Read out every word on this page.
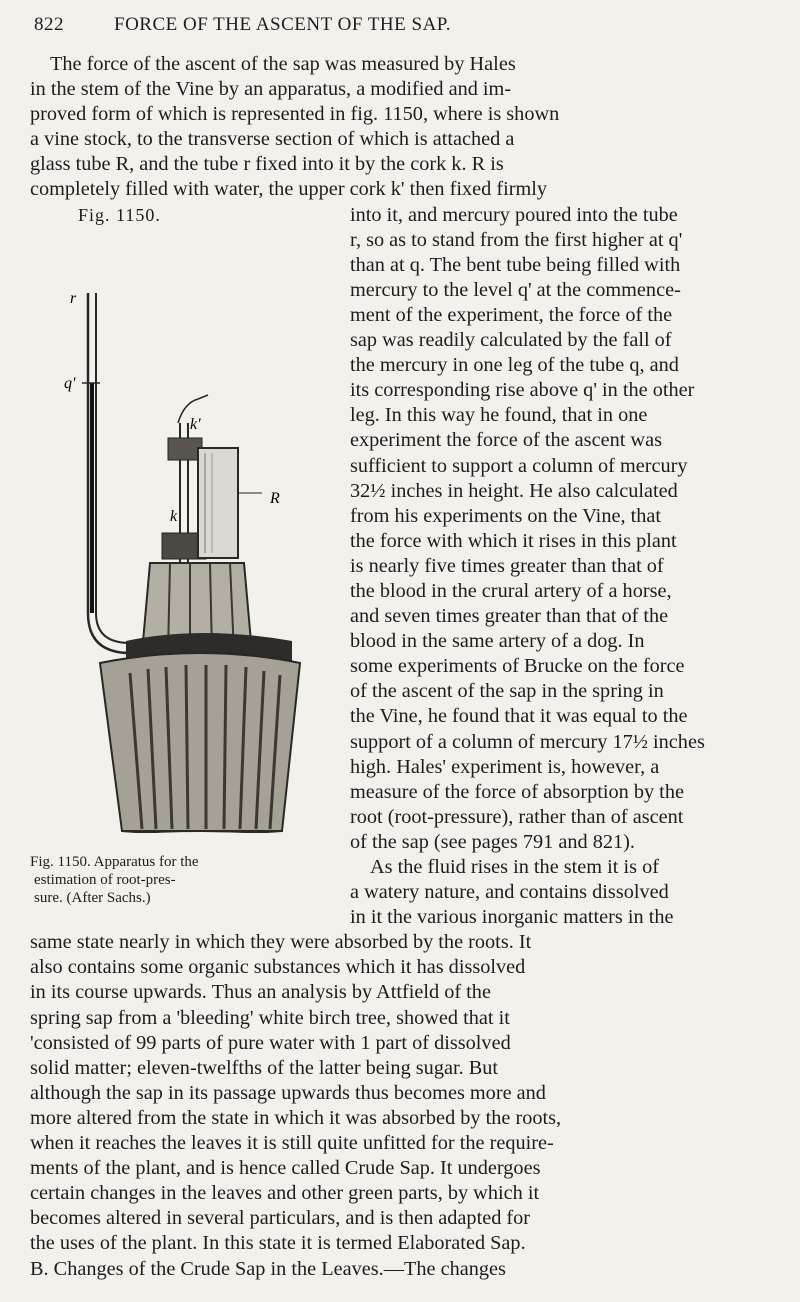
822	FORCE OF THE ASCENT OF THE SAP.
The force of the ascent of the sap was measured by Hales
in the stem of the Vine by an apparatus, a modified and im-
proved form of which is represented in fig. 1150, where is shown
a vine stock, to the transverse section of which is attached a
glass tube R, and the tube r fixed into it by the cork k. R is
completely filled with water, the upper cork k' then fixed firmly
Fig. 1150.
r
q'
k'
k
R
Fig. 1150. Apparatus for the
estimation of root-pres-
sure. (After Sachs.)
into it, and mercury poured into the tube
r, so as to stand from the first higher at q'
than at q. The bent tube being filled with
mercury to the level q' at the commence-
ment of the experiment, the force of the
sap was readily calculated by the fall of
the mercury in one leg of the tube q, and
its corresponding rise above q' in the other
leg. In this way he found, that in one
experiment the force of the ascent was
sufficient to support a column of mercury
32½ inches in height. He also calculated
from his experiments on the Vine, that
the force with which it rises in this plant
is nearly five times greater than that of
the blood in the crural artery of a horse,
and seven times greater than that of the
blood in the same artery of a dog. In
some experiments of Brucke on the force
of the ascent of the sap in the spring in
the Vine, he found that it was equal to the
support of a column of mercury 17½ inches
high. Hales' experiment is, however, a
measure of the force of absorption by the
root (root-pressure), rather than of ascent
of the sap (see pages 791 and 821).
As the fluid rises in the stem it is of
a watery nature, and contains dissolved
in it the various inorganic matters in the
same state nearly in which they were absorbed by the roots. It
also contains some organic substances which it has dissolved
in its course upwards. Thus an analysis by Attfield of the
spring sap from a 'bleeding' white birch tree, showed that it
'consisted of 99 parts of pure water with 1 part of dissolved
solid matter; eleven-twelfths of the latter being sugar. But
although the sap in its passage upwards thus becomes more and
more altered from the state in which it was absorbed by the roots,
when it reaches the leaves it is still quite unfitted for the require-
ments of the plant, and is hence called Crude Sap. It undergoes
certain changes in the leaves and other green parts, by which it
becomes altered in several particulars, and is then adapted for
the uses of the plant. In this state it is termed Elaborated Sap.
B. Changes of the Crude Sap in the Leaves.—The changes
